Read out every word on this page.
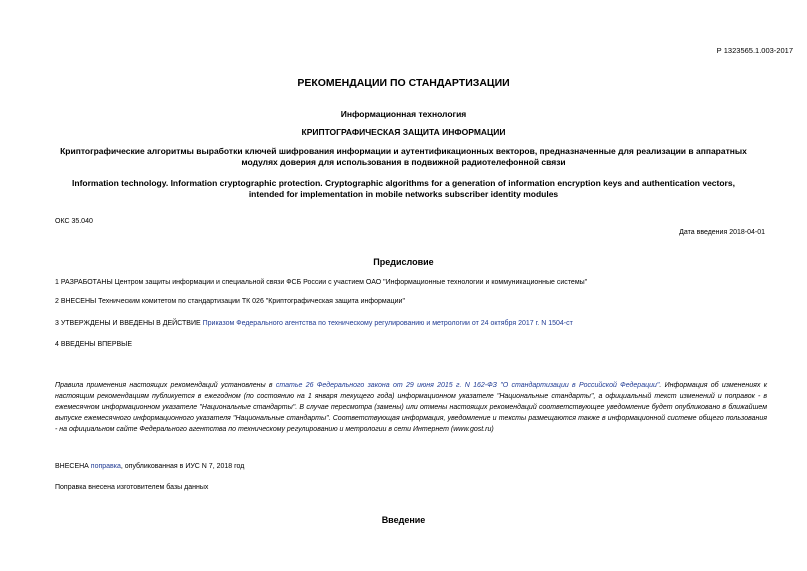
Р 1323565.1.003-2017
РЕКОМЕНДАЦИИ ПО СТАНДАРТИЗАЦИИ
Информационная технология
КРИПТОГРАФИЧЕСКАЯ ЗАЩИТА ИНФОРМАЦИИ
Криптографические алгоритмы выработки ключей шифрования информации и аутентификационных векторов, предназначенные для реализации в аппаратных
модулях доверия для использования в подвижной радиотелефонной связи
Information technology. Information cryptographic protection. Cryptographic algorithms for a generation of information encryption keys and authentication vectors,
intended for implementation in mobile networks subscriber identity modules
ОКС 35.040
Дата введения 2018-04-01
Предисловие
1 РАЗРАБОТАНЫ Центром защиты информации и специальной связи ФСБ России с участием ОАО "Информационные технологии и коммуникационные системы"
2 ВНЕСЕНЫ Техническим комитетом по стандартизации ТК 026 "Криптографическая защита информации"
3 УТВЕРЖДЕНЫ И ВВЕДЕНЫ В ДЕЙСТВИЕ Приказом Федерального агентства по техническому регулированию и метрологии от 24 октября 2017 г. N 1504-ст
4 ВВЕДЕНЫ ВПЕРВЫЕ
Правила применения настоящих рекомендаций установлены в статье 26 Федерального закона от 29 июня 2015 г. N 162-ФЗ "О стандартизации в Российской Федерации". Информация об изменениях к настоящим рекомендациям публикуется в ежегодном (по состоянию на 1 января текущего года) информационном указателе "Национальные стандарты", а официальный текст изменений и поправок - в ежемесячном информационном указателе "Национальные стандарты". В случае пересмотра (замены) или отмены настоящих рекомендаций соответствующее уведомление будет опубликовано в ближайшем выпуске ежемесячного информационного указателя "Национальные стандарты". Соответствующая информация, уведомление и тексты размещаются также в информационной системе общего пользования - на официальном сайте Федерального агентства по техническому регулированию и метрологии в сети Интернет (www.gost.ru)
ВНЕСЕНА поправка, опубликованная в ИУС N 7, 2018 год
Поправка внесена изготовителем базы данных
Введение
